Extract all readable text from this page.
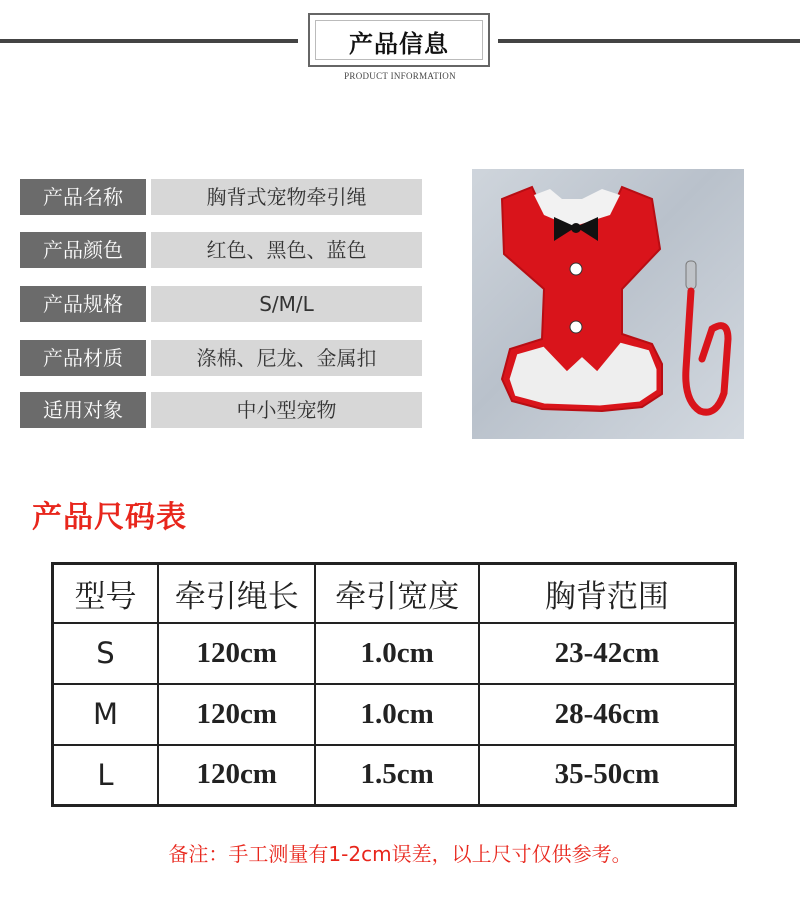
产品信息
PRODUCT INFORMATION
产品名称	胸背式宠物牵引绳
产品颜色	红色、黑色、蓝色
产品规格	S/M/L
产品材质	涤棉、尼龙、金属扣
适用对象	中小型宠物
产品尺码表
型号	牵引绳长	牵引宽度	胸背范围
S	120cm	1.0cm	23-42cm
M	120cm	1.0cm	28-46cm
L	120cm	1.5cm	35-50cm
备注：手工测量有1-2cm误差，以上尺寸仅供参考。
